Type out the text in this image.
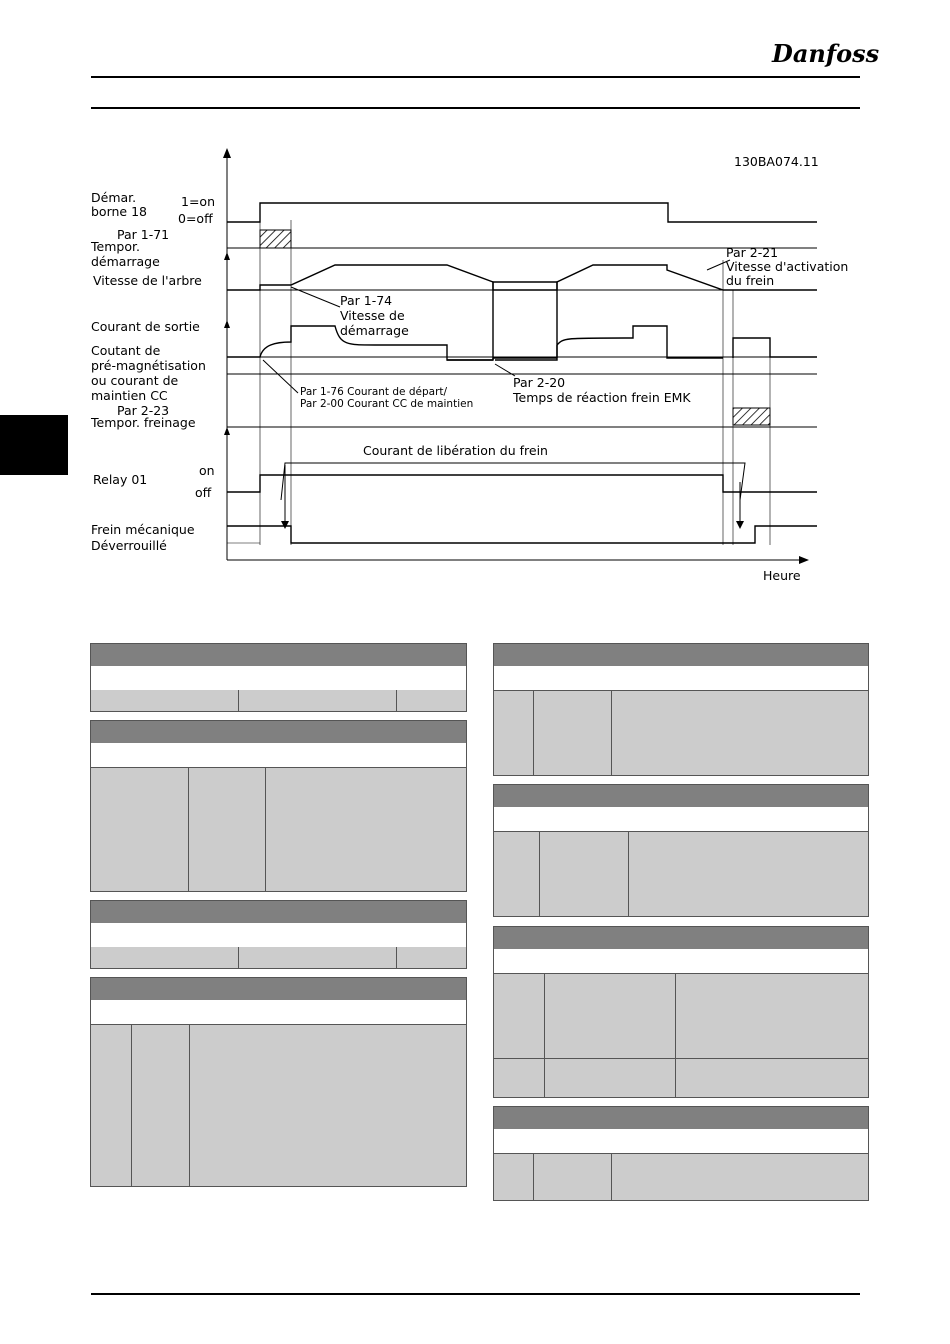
Danfoss
130BA074.11
Démar.
borne 18
1=on
0=off
Par 1-71
Tempor.
démarrage
Vitesse de l'arbre
Par 2-21
Vitesse d'activation
du frein
Par 1-74
Vitesse de
démarrage
Courant de sortie
Coutant de
pré-magnétisation
ou courant de
maintien CC	Par 1-76 Courant de départ/
Par 2-00 Courant CC de maintien
Par 2-20
Temps de réaction frein EMK
Par 2-23
Tempor. freinage
Courant de libération du frein
on
Relay 01
off
Frein mécanique
Déverrouillé
Heure
